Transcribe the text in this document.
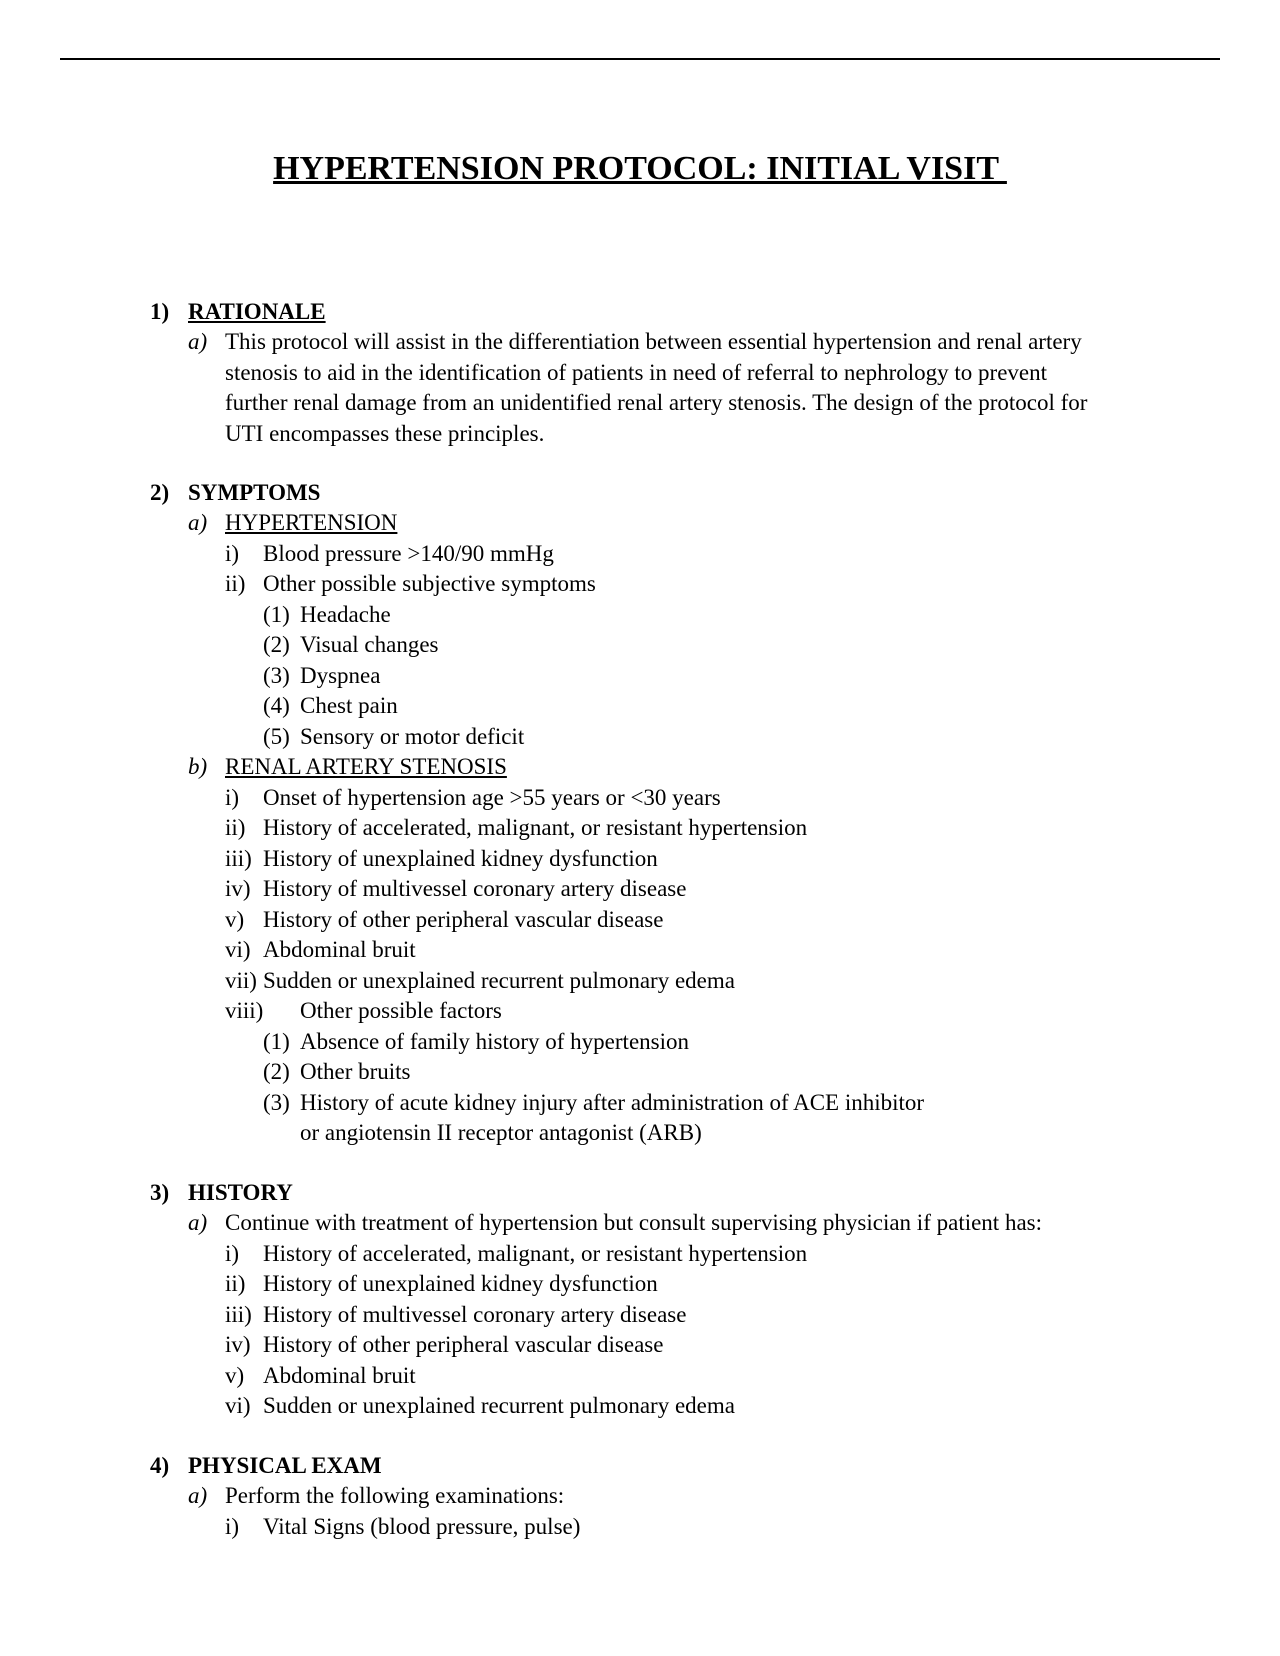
HYPERTENSION PROTOCOL: INITIAL VISIT
1) RATIONALE
a) This protocol will assist in the differentiation between essential hypertension and renal artery stenosis to aid in the identification of patients in need of referral to nephrology to prevent further renal damage from an unidentified renal artery stenosis. The design of the protocol for UTI encompasses these principles.
2) SYMPTOMS
a) HYPERTENSION
i) Blood pressure >140/90 mmHg
ii) Other possible subjective symptoms
(1) Headache
(2) Visual changes
(3) Dyspnea
(4) Chest pain
(5) Sensory or motor deficit
b) RENAL ARTERY STENOSIS
i) Onset of hypertension age >55 years or <30 years
ii) History of accelerated, malignant, or resistant hypertension
iii) History of unexplained kidney dysfunction
iv) History of multivessel coronary artery disease
v) History of other peripheral vascular disease
vi) Abdominal bruit
vii) Sudden or unexplained recurrent pulmonary edema
viii) Other possible factors
(1) Absence of family history of hypertension
(2) Other bruits
(3) History of acute kidney injury after administration of ACE inhibitor
or angiotensin II receptor antagonist (ARB)
3) HISTORY
a) Continue with treatment of hypertension but consult supervising physician if patient has:
i) History of accelerated, malignant, or resistant hypertension
ii) History of unexplained kidney dysfunction
iii) History of multivessel coronary artery disease
iv) History of other peripheral vascular disease
v) Abdominal bruit
vi) Sudden or unexplained recurrent pulmonary edema
4) PHYSICAL EXAM
a) Perform the following examinations:
i) Vital Signs (blood pressure, pulse)
